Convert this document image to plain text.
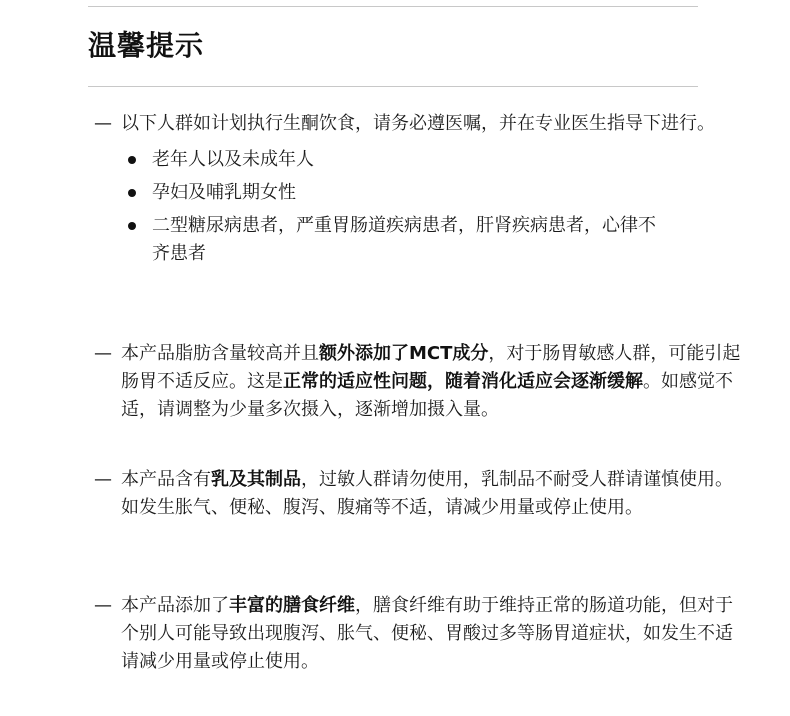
温馨提示

— 以下人群如计划执行生酮饮食，请务必遵医嘱，并在专业医生指导下进行。

老年人以及未成年人
孕妇及哺乳期女性
二型糖尿病患者，严重胃肠道疾病患者，肝肾疾病患者，心律不齐患者

— 本产品脂肪含量较高并且额外添加了MCT成分，对于肠胃敏感人群，可能引起肠胃不适反应。这是正常的适应性问题，随着消化适应会逐渐缓解。如感觉不适，请调整为少量多次摄入，逐渐增加摄入量。

— 本产品含有乳及其制品，过敏人群请勿使用，乳制品不耐受人群请谨慎使用。如发生胀气、便秘、腹泻、腹痛等不适，请减少用量或停止使用。

— 本产品添加了丰富的膳食纤维，膳食纤维有助于维持正常的肠道功能，但对于个别人可能导致出现腹泻、胀气、便秘、胃酸过多等肠胃道症状，如发生不适请减少用量或停止使用。
